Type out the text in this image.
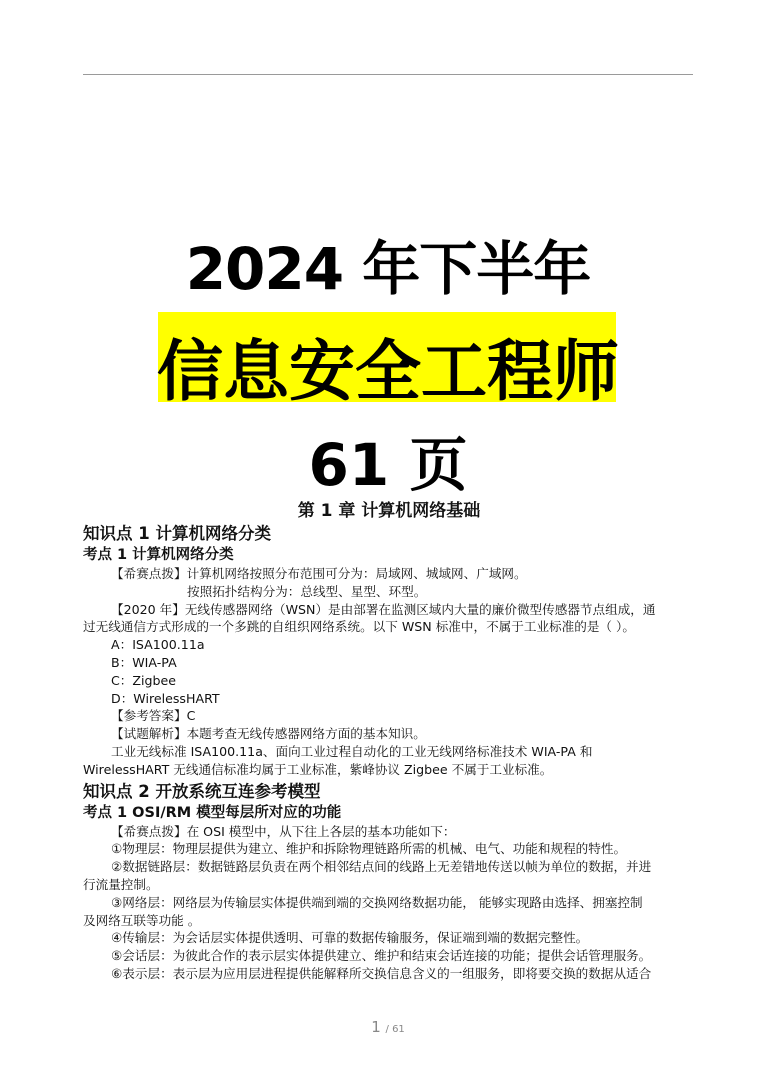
2024 年下半年
信息安全工程师
61 页
第 1 章 计算机网络基础
知识点 1 计算机网络分类
考点 1 计算机网络分类
【希赛点拨】计算机网络按照分布范围可分为：局域网、城域网、广域网。
按照拓扑结构分为：总线型、星型、环型。
【2020 年】无线传感器网络（WSN）是由部署在监测区域内大量的廉价微型传感器节点组成，通
过无线通信方式形成的一个多跳的自组织网络系统。以下 WSN 标准中，不属于工业标准的是（ ）。
A：ISA100.11a
B：WIA-PA
C：Zigbee
D：WirelessHART
【参考答案】C
【试题解析】本题考查无线传感器网络方面的基本知识。
工业无线标准 ISA100.11a、面向工业过程自动化的工业无线网络标准技术 WIA-PA 和
WirelessHART 无线通信标准均属于工业标准，紫峰协议 Zigbee 不属于工业标准。
知识点 2 开放系统互连参考模型
考点 1 OSI/RM 模型每层所对应的功能
【希赛点拨】在 OSI 模型中，从下往上各层的基本功能如下：
①物理层：物理层提供为建立、维护和拆除物理链路所需的机械、电气、功能和规程的特性。
②数据链路层：数据链路层负责在两个相邻结点间的线路上无差错地传送以帧为单位的数据，并进
行流量控制。
③网络层：网络层为传输层实体提供端到端的交换网络数据功能， 能够实现路由选择、拥塞控制
及网络互联等功能 。
④传输层：为会话层实体提供透明、可靠的数据传输服务，保证端到端的数据完整性。
⑤会话层：为彼此合作的表示层实体提供建立、维护和结束会话连接的功能；提供会话管理服务。
⑥表示层：表示层为应用层进程提供能解释所交换信息含义的一组服务，即将要交换的数据从适合
1 / 61
